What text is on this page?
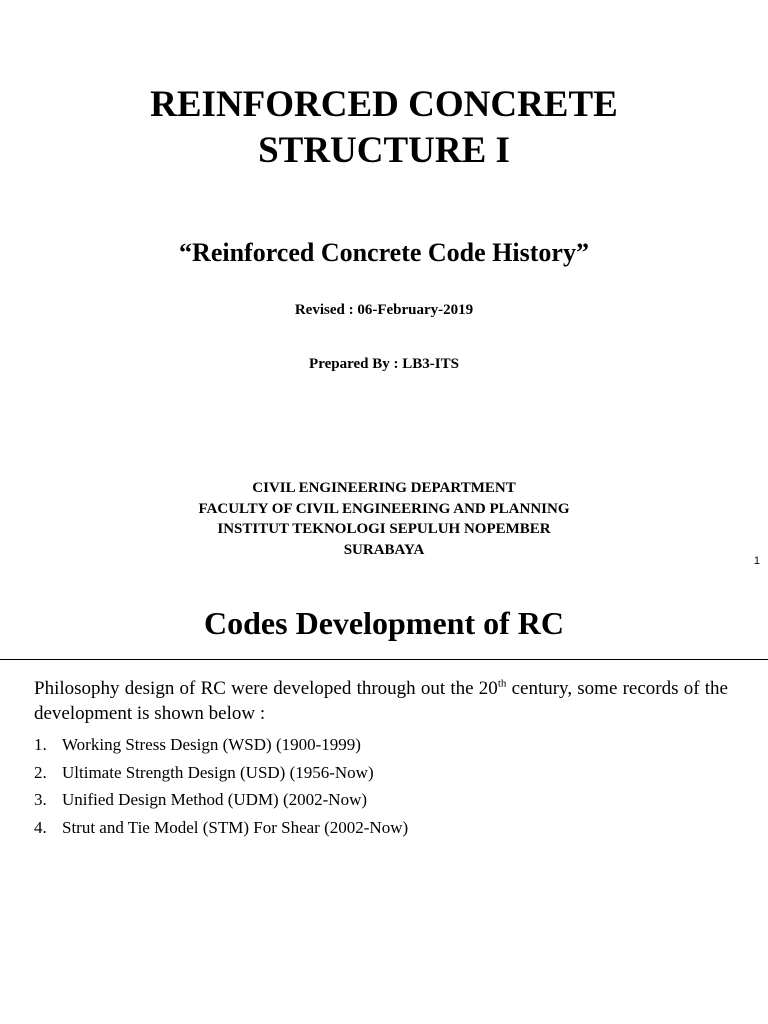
REINFORCED CONCRETE
STRUCTURE I
“Reinforced Concrete Code History”
Revised : 06-February-2019
Prepared By : LB3-ITS
CIVIL ENGINEERING DEPARTMENT
FACULTY OF CIVIL ENGINEERING AND PLANNING
INSTITUT TEKNOLOGI SEPULUH NOPEMBER
SURABAYA
1
Codes Development of RC
Philosophy design of RC were developed through out the 20th century, some records of the development is shown below :
1. Working Stress Design (WSD) (1900-1999)
2. Ultimate Strength Design (USD) (1956-Now)
3. Unified Design Method (UDM) (2002-Now)
4. Strut and Tie Model (STM) For Shear (2002-Now)
